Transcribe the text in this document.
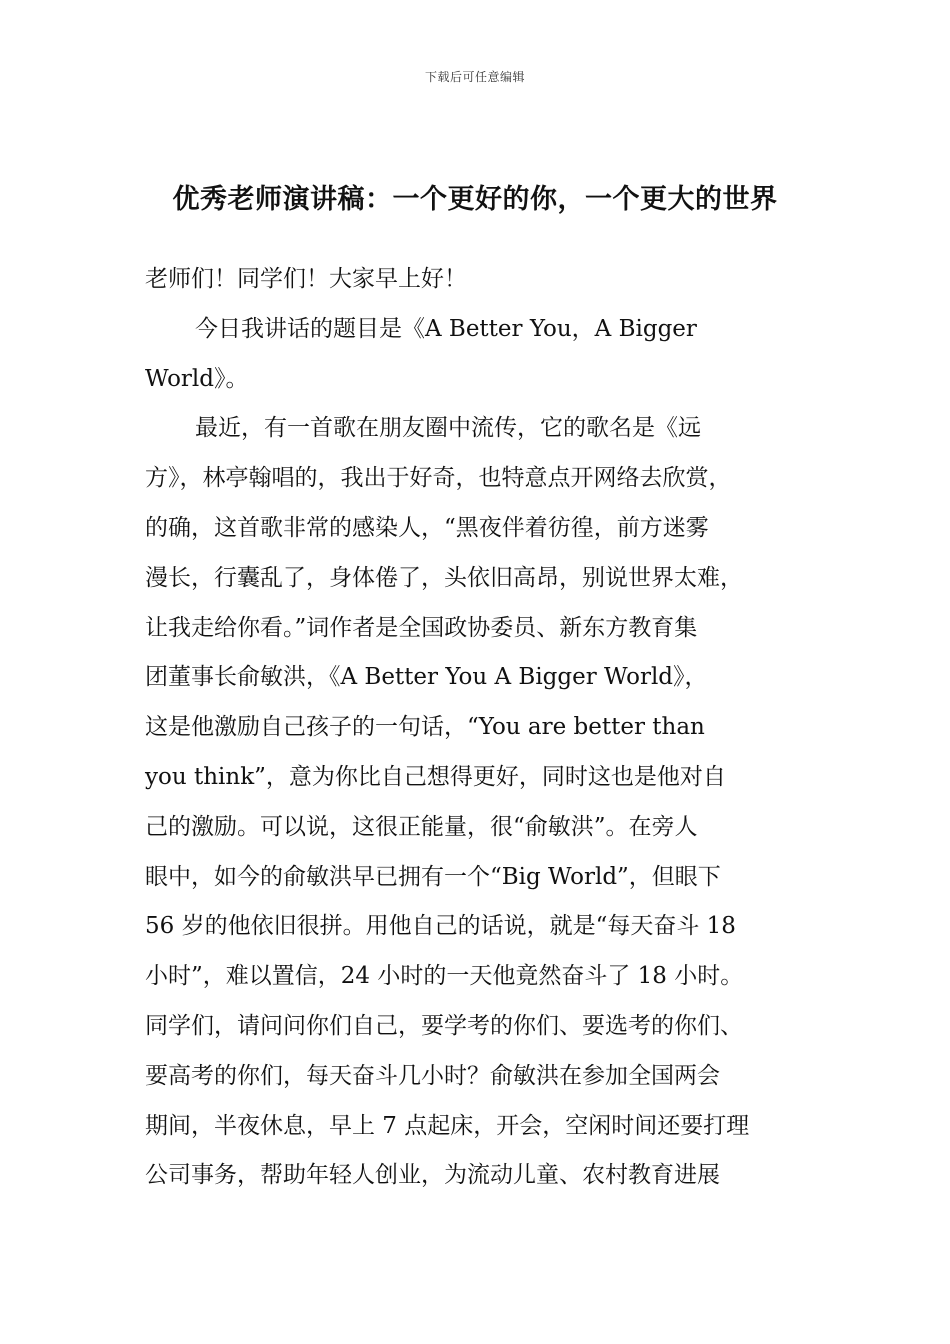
下载后可任意编辑
优秀老师演讲稿：一个更好的你，一个更大的世界
老师们！同学们！大家早上好！
今日我讲话的题目是《A Better You，A Bigger
World》。
最近，有一首歌在朋友圈中流传，它的歌名是《远
方》，林亭翰唱的，我出于好奇，也特意点开网络去欣赏，
的确，这首歌非常的感染人，“黑夜伴着彷徨，前方迷雾
漫长，行囊乱了，身体倦了，头依旧高昂，别说世界太难，
让我走给你看。”词作者是全国政协委员、新东方教育集
团董事长俞敏洪，《A Better You A Bigger World》，
这是他激励自己孩子的一句话，“You are better than
you think”，意为你比自己想得更好，同时这也是他对自
己的激励。可以说，这很正能量，很“俞敏洪”。在旁人
眼中，如今的俞敏洪早已拥有一个“Big World”，但眼下
56 岁的他依旧很拼。用他自己的话说，就是“每天奋斗 18
小时”，难以置信，24 小时的一天他竟然奋斗了 18 小时。
同学们，请问问你们自己，要学考的你们、要选考的你们、
要高考的你们，每天奋斗几小时？俞敏洪在参加全国两会
期间，半夜休息，早上 7 点起床，开会，空闲时间还要打理
公司事务，帮助年轻人创业，为流动儿童、农村教育进展
